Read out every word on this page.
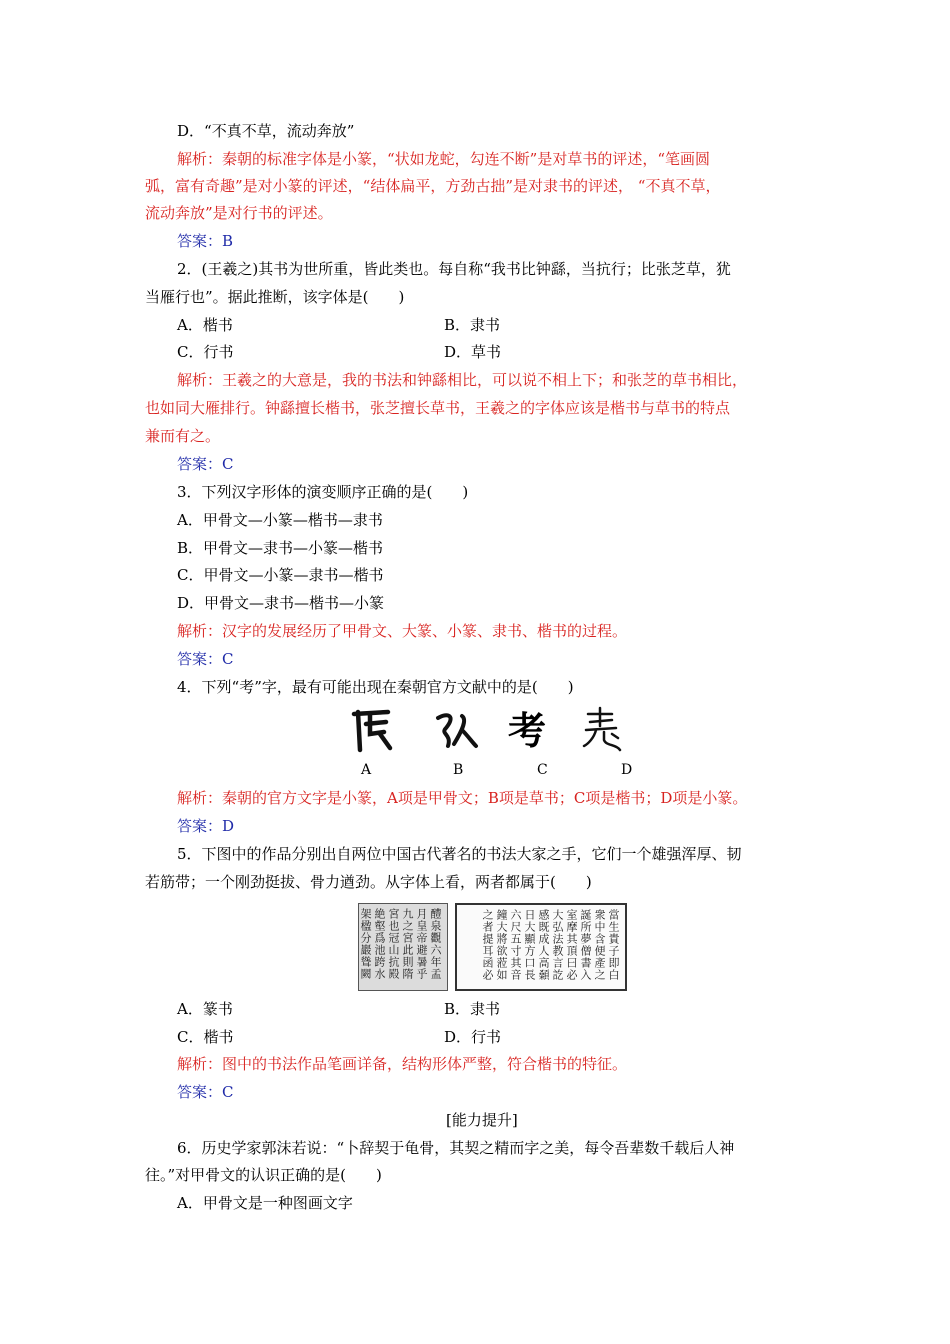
D．“不真不草，流动奔放”
解析：秦朝的标准字体是小篆，“状如龙蛇，勾连不断”是对草书的评述，“笔画圆
弧，富有奇趣”是对小篆的评述，“结体扁平，方劲古拙”是对隶书的评述， “不真不草，
流动奔放”是对行书的评述。
答案：B
2．(王羲之)其书为世所重，皆此类也。每自称“我书比钟繇，当抗行；比张芝草，犹
当雁行也”。据此推断，该字体是(　　)
A．楷书	B．隶书
C．行书	D．草书
解析：王羲之的大意是，我的书法和钟繇相比，可以说不相上下；和张芝的草书相比，
也如同大雁排行。钟繇擅长楷书，张芝擅长草书，王羲之的字体应该是楷书与草书的特点
兼而有之。
答案：C
3．下列汉字形体的演变顺序正确的是(　　)
A．甲骨文—小篆—楷书—隶书
B．甲骨文—隶书—小篆—楷书
C．甲骨文—小篆—隶书—楷书
D．甲骨文—隶书—楷书—小篆
解析：汉字的发展经历了甲骨文、大篆、小篆、隶书、楷书的过程。
答案：C
4．下列“考”字，最有可能出现在秦朝官方文献中的是(　　)
考
A	B	C	D
解析：秦朝的官方文字是小篆，A项是甲骨文；B项是草书；C项是楷书；D项是小篆。
答案：D
5．下图中的作品分别出自两位中国古代著名的书法大家之手，它们一个雄强浑厚、韧
若筋带；一个刚劲挺拔、骨力遒劲。从字体上看，两者都属于(　　)
醴泉觀六年孟
月皇帝避暑乎
九之宮此則隋
宮也冠山抗殿
絶壑爲池跨水
架楹分巖聳闕	當生貴子即白
衆中含便產之
誕所夢僧書入
室摩其頂曰必
大弘法教言訖
感既成人高顙
日大顯方口長
六尺五寸其音
鐘大將欲蒞如
之者提耳函必
A．篆书	B．隶书
C．楷书	D．行书
解析：图中的书法作品笔画详备，结构形体严整，符合楷书的特征。
答案：C
[能力提升]
6．历史学家郭沫若说：“卜辞契于龟骨，其契之精而字之美，每令吾辈数千载后人神
往。”对甲骨文的认识正确的是(　　)
A．甲骨文是一种图画文字
